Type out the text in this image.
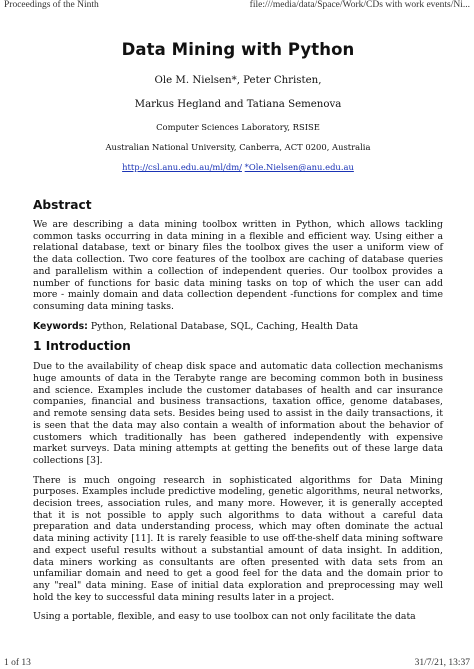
Proceedings of the Ninth	file:///media/data/Space/Work/CDs with work events/Ni...
Data Mining with Python

Ole M. Nielsen*, Peter Christen,

Markus Hegland and Tatiana Semenova

Computer Sciences Laboratory, RSISE

Australian National University, Canberra, ACT 0200, Australia

http://csl.anu.edu.au/ml/dm/ *Ole.Nielsen@anu.edu.au
Abstract

We are describing a data mining toolbox written in Python, which allows tackling common tasks occurring in data mining in a flexible and efficient way. Using either a relational database, text or binary files the toolbox gives the user a uniform view of the data collection. Two core features of the toolbox are caching of database queries and parallelism within a collection of independent queries. Our toolbox provides a number of functions for basic data mining tasks on top of which the user can add more - mainly domain and data collection dependent -functions for complex and time consuming data mining tasks.

Keywords: Python, Relational Database, SQL, Caching, Health Data

1 Introduction

Due to the availability of cheap disk space and automatic data collection mechanisms huge amounts of data in the Terabyte range are becoming common both in business and science. Examples include the customer databases of health and car insurance companies, financial and business transactions, taxation office, genome databases, and remote sensing data sets. Besides being used to assist in the daily transactions, it is seen that the data may also contain a wealth of information about the behavior of customers which traditionally has been gathered independently with expensive market surveys. Data mining attempts at getting the benefits out of these large data collections [3].

There is much ongoing research in sophisticated algorithms for Data Mining purposes. Examples include predictive modeling, genetic algorithms, neural networks, decision trees, association rules, and many more. However, it is generally accepted that it is not possible to apply such algorithms to data without a careful data preparation and data understanding process, which may often dominate the actual data mining activity [11]. It is rarely feasible to use off-the-shelf data mining software and expect useful results without a substantial amount of data insight. In addition, data miners working as consultants are often presented with data sets from an unfamiliar domain and need to get a good feel for the data and the domain prior to any "real" data mining. Ease of initial data exploration and preprocessing may well hold the key to successful data mining results later in a project.

Using a portable, flexible, and easy to use toolbox can not only facilitate the data

1 of 13	31/7/21, 13:37
